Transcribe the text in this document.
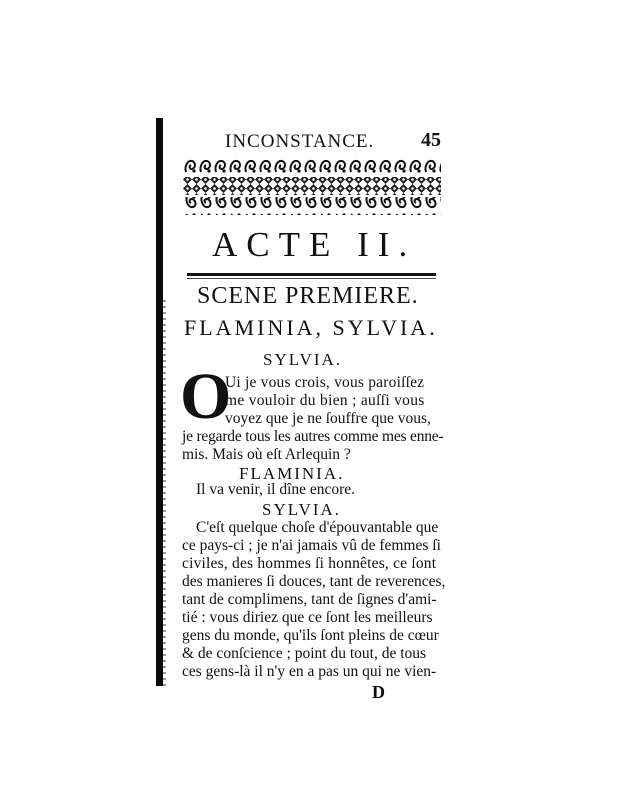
INCONSTANCE. 45
ACTE II.
SCENE PREMIERE.
FLAMINIA, SYLVIA.
SYLVIA.
O
Ui je vous crois, vous paroiſſez
me vouloir du bien ; auſſi vous
voyez que je ne ſouffre que vous,
je regarde tous les autres comme mes enne-
mis. Mais où eſt Arlequin ?
FLAMINIA.
Il va venir, il dîne encore.
SYLVIA.
C'eſt quelque choſe d'épouvantable que
ce pays-ci ; je n'ai jamais vû de femmes ſi
civiles, des hommes ſi honnêtes, ce ſont
des manieres ſi douces, tant de reverences,
tant de complimens, tant de ſignes d'ami-
tié : vous diriez que ce ſont les meilleurs
gens du monde, qu'ils ſont pleins de cœur
& de conſcience ; point du tout, de tous
ces gens-là il n'y en a pas un qui ne vien-
D
